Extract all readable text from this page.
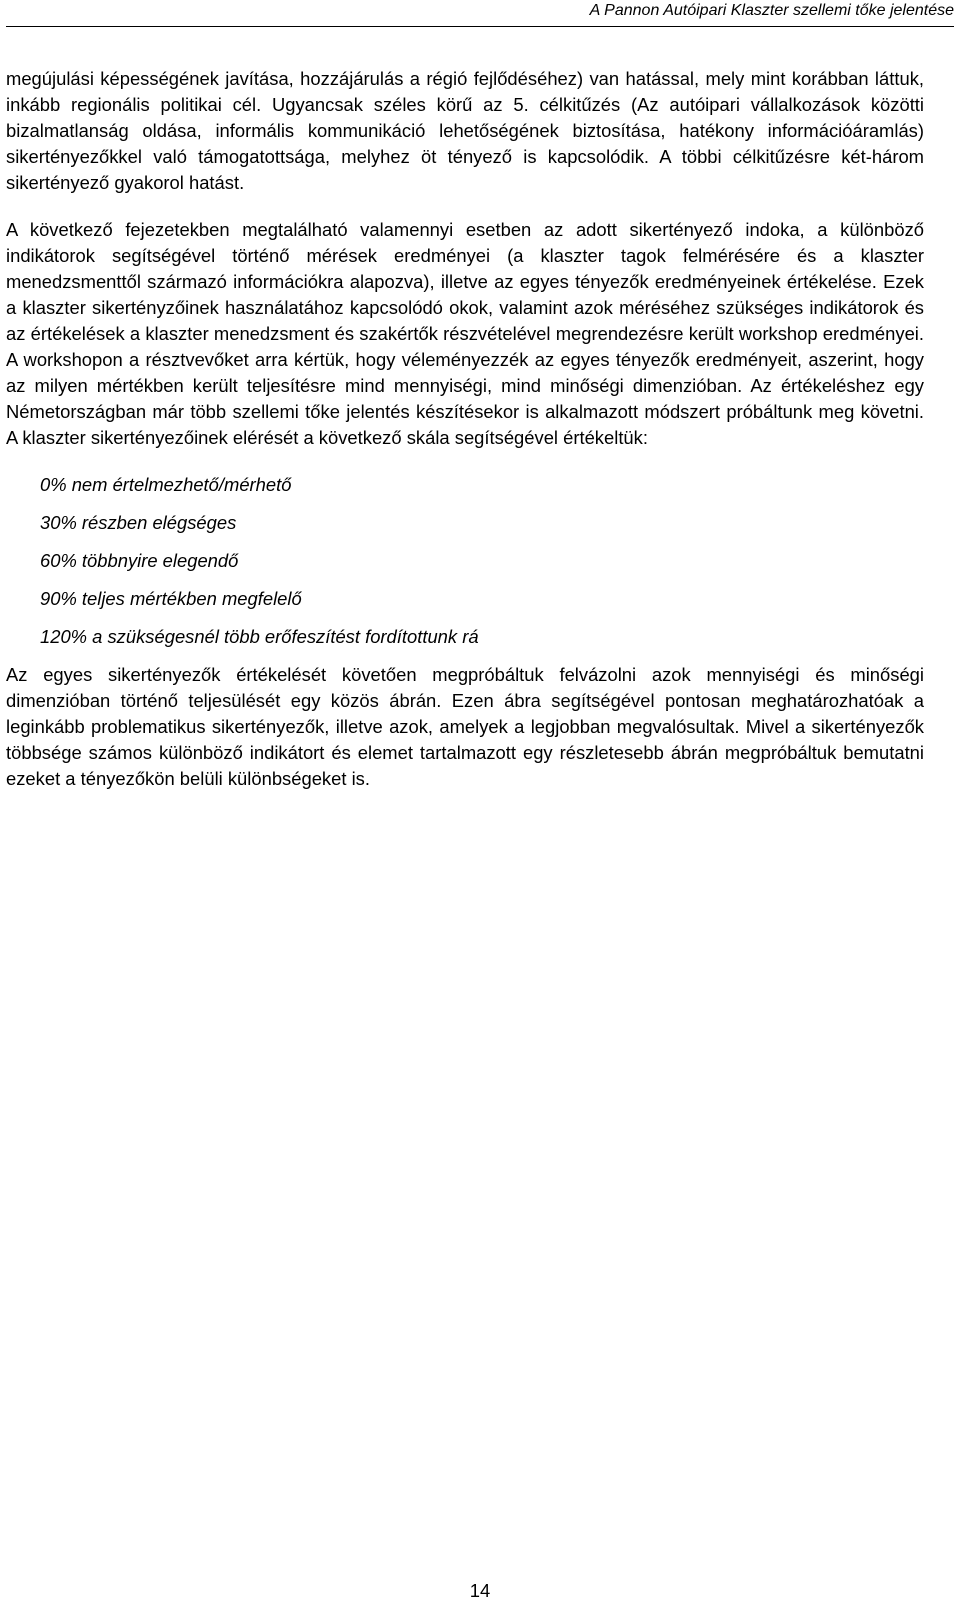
A Pannon Autóipari Klaszter szellemi tőke jelentése

megújulási képességének javítása, hozzájárulás a régió fejlődéséhez) van hatással, mely mint korábban láttuk, inkább regionális politikai cél. Ugyancsak széles körű az 5. célkitűzés (Az autóipari vállalkozások közötti bizalmatlanság oldása, informális kommunikáció lehetőségének biztosítása, hatékony információáramlás) sikertényezőkkel való támogatottsága, melyhez öt tényező is kapcsolódik. A többi célkitűzésre két-három sikertényező gyakorol hatást.

A következő fejezetekben megtalálható valamennyi esetben az adott sikertényező indoka, a különböző indikátorok segítségével történő mérések eredményei (a klaszter tagok felmérésére és a klaszter menedzsmenttől származó információkra alapozva), illetve az egyes tényezők eredményeinek értékelése. Ezek a klaszter sikertényzőinek használatához kapcsolódó okok, valamint azok méréséhez szükséges indikátorok és az értékelések a klaszter menedzsment és szakértők részvételével megrendezésre került workshop eredményei. A workshopon a résztvevőket arra kértük, hogy véleményezzék az egyes tényezők eredményeit, aszerint, hogy az milyen mértékben került teljesítésre mind mennyiségi, mind minőségi dimenzióban. Az értékeléshez egy Németországban már több szellemi tőke jelentés készítésekor is alkalmazott módszert próbáltunk meg követni. A klaszter sikertényezőinek elérését a következő skála segítségével értékeltük:

0% nem értelmezhető/mérhető
30% részben elégséges
60% többnyire elegendő
90% teljes mértékben megfelelő
120% a szükségesnél több erőfeszítést fordítottunk rá

Az egyes sikertényezők értékelését követően megpróbáltuk felvázolni azok mennyiségi és minőségi dimenzióban történő teljesülését egy közös ábrán. Ezen ábra segítségével pontosan meghatározhatóak a leginkább problematikus sikertényezők, illetve azok, amelyek a legjobban megvalósultak. Mivel a sikertényezők többsége számos különböző indikátort és elemet tartalmazott egy részletesebb ábrán megpróbáltuk bemutatni ezeket a tényezőkön belüli különbségeket is.

14
